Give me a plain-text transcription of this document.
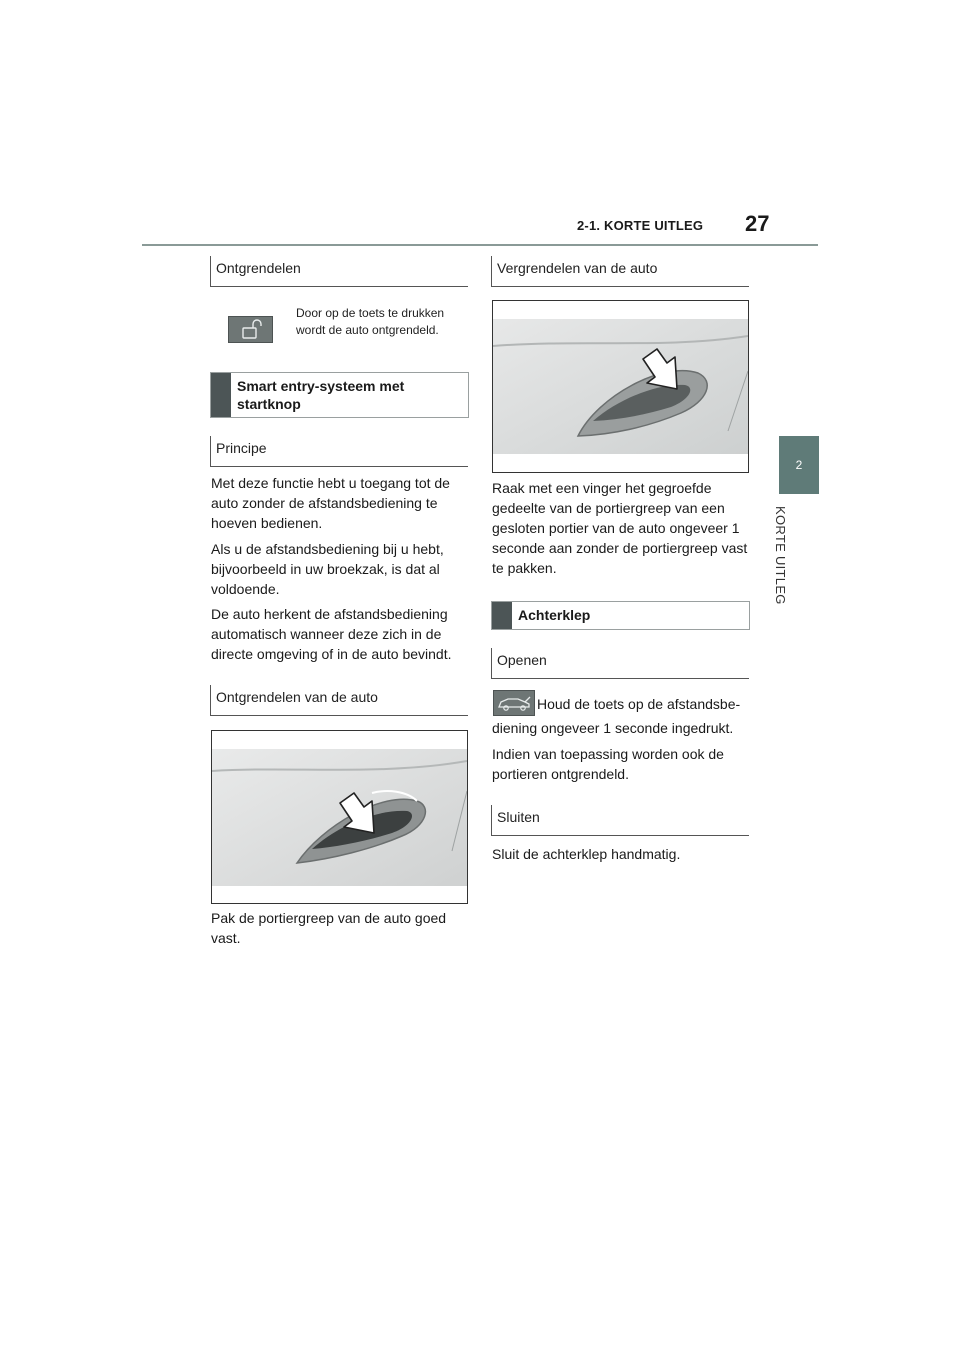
2-1. KORTE UITLEG 27
2
KORTE UITLEG
Ontgrendelen
Door op de toets te drukken wordt de auto ontgrendeld.
Smart entry-systeem met startknop
Principe
Met deze functie hebt u toegang tot de auto zonder de afstandsbediening te hoeven bedienen.
Als u de afstandsbediening bij u hebt, bijvoorbeeld in uw broekzak, is dat al voldoende.
De auto herkent de afstandsbediening automatisch wanneer deze zich in de directe omgeving of in de auto bevindt.
Ontgrendelen van de auto
Pak de portiergreep van de auto goed vast.
Vergrendelen van de auto
Raak met een vinger het gegroefde gedeelte van de portiergreep van een gesloten portier van de auto ongeveer 1 seconde aan zonder de portiergreep vast te pakken.
Achterklep
Openen
Houd de toets op de afstandsbe-
diening ongeveer 1 seconde ingedrukt.
Indien van toepassing worden ook de portieren ontgrendeld.
Sluiten
Sluit de achterklep handmatig.
